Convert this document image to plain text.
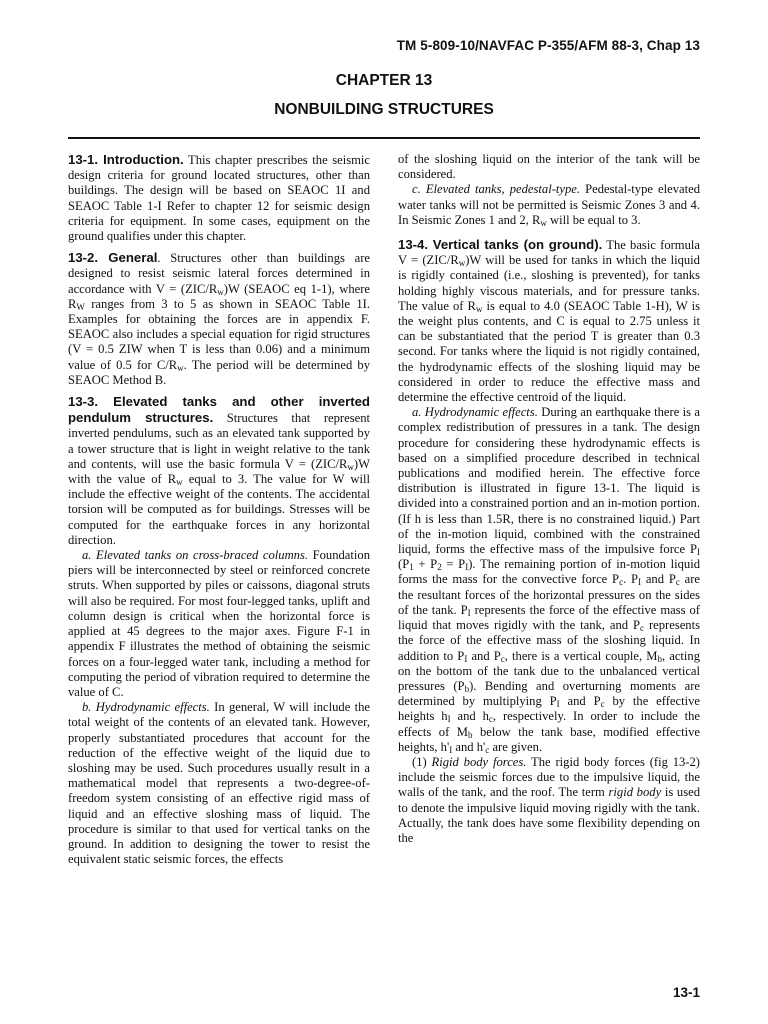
TM 5-809-10/NAVFAC P-355/AFM 88-3, Chap 13
CHAPTER 13
NONBUILDING STRUCTURES

13-1. Introduction. This chapter prescribes the seismic design criteria for ground located structures, other than buildings. The design will be based on SEAOC 1I and SEAOC Table 1-I Refer to chapter 12 for seismic design criteria for equipment. In some cases, equipment on the ground qualifies under this chapter.

13-2. General. Structures other than buildings are designed to resist seismic lateral forces determined in accordance with $V = (ZIC/R_w)W$ (SEAOC eq 1-1), where $R_W$ ranges from 3 to 5 as shown in SEAOC Table 1I. Examples for obtaining the forces are in appendix F. SEAOC also includes a special equation for rigid structures (V = 0.5 ZIW when T is less than 0.06) and a minimum value of 0.5 for $C/R_w$. The period will be determined by SEAOC Method B.

13-3. Elevated tanks and other inverted pendulum structures. Structures that represent inverted pendulums, such as an elevated tank supported by a tower structure that is light in weight relative to the tank and contents, will use the basic formula $V = (ZIC/R_w)W$ with the value of $R_w$ equal to 3. The value for W will include the effective weight of the contents. The accidental torsion will be computed as for buildings. Stresses will be computed for the earthquake forces in any horizontal direction.

a. Elevated tanks on cross-braced columns. Foundation piers will be interconnected by steel or reinforced concrete struts. When supported by piles or caissons, diagonal struts will also be required. For most four-legged tanks, uplift and column design is critical when the horizontal force is applied at 45 degrees to the major axes. Figure F-1 in appendix F illustrates the method of obtaining the seismic forces on a four-legged water tank, including a method for computing the period of vibration required to determine the value of C.

b. Hydrodynamic effects. In general, W will include the total weight of the contents of an elevated tank. However, properly substantiated procedures that account for the reduction of the effective weight of the liquid due to sloshing may be used. Such procedures usually result in a mathematical model that represents a two-degree-of-freedom system consisting of an effective rigid mass of liquid and an effective sloshing mass of liquid. The procedure is similar to that used for vertical tanks on the ground. In addition to designing the tower to resist the equivalent static seismic forces, the effects

of the sloshing liquid on the interior of the tank will be considered.

c. Elevated tanks, pedestal-type. Pedestal-type elevated water tanks will not be permitted is Seismic Zones 3 and 4. In Seismic Zones 1 and 2, $R_w$ will be equal to 3.

13-4. Vertical tanks (on ground). The basic formula $V = (ZIC/R_w)W$ will be used for tanks in which the liquid is rigidly contained (i.e., sloshing is prevented), for tanks holding highly viscous materials, and for pressure tanks. The value of $R_w$ is equal to 4.0 (SEAOC Table 1-H), W is the weight plus contents, and C is equal to 2.75 unless it can be substantiated that the period T is greater than 0.3 second. For tanks where the liquid is not rigidly contained, the hydrodynamic effects of the sloshing liquid may be considered in order to reduce the effective mass and determine the effective centroid of the liquid.

a. Hydrodynamic effects. During an earthquake there is a complex redistribution of pressures in a tank. The design procedure for considering these hydrodynamic effects is based on a simplified procedure described in technical publications and modified herein. The effective force distribution is illustrated in figure 13-1. The liquid is divided into a constrained portion and an in-motion portion. (If h is less than 1.5R, there is no constrained liquid.) Part of the in-motion liquid, combined with the constrained liquid, forms the effective mass of the impulsive force $P_I$ $(P_1 + P_2 = P_I)$. The remaining portion of in-motion liquid forms the mass for the convective force $P_c$. $P_I$ and $P_c$ are the resultant forces of the horizontal pressures on the sides of the tank. $P_I$ represents the force of the effective mass of liquid that moves rigidly with the tank, and $P_c$ represents the force of the effective mass of the sloshing liquid. In addition to $P_I$ and $P_c$, there is a vertical couple, $M_b$, acting on the bottom of the tank due to the unbalanced vertical pressures $(P_b)$. Bending and overturning moments are determined by multiplying $P_I$ and $P_c$ by the effective heights $h_I$ and $h_c$, respectively. In order to include the effects of $M_b$ below the tank base, modified effective heights, $h'_I$ and $h'_c$ are given.

(1) Rigid body forces. The rigid body forces (fig 13-2) include the seismic forces due to the impulsive liquid, the walls of the tank, and the roof. The term rigid body is used to denote the impulsive liquid moving rigidly with the tank. Actually, the tank does have some flexibility depending on the

13-1
